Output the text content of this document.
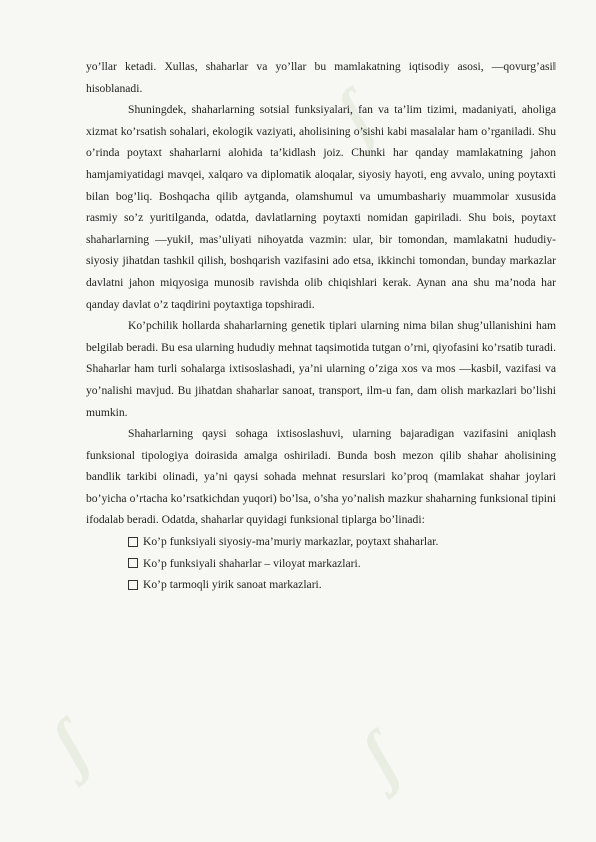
ʃ
ʃ
ʃ

yo’llar ketadi. Xullas, shaharlar va yo’llar bu mamlakatning iqtisodiy asosi, ―qovurg’asi‖ hisoblanadi.

Shuningdek, shaharlarning sotsial funksiyalari, fan va ta’lim tizimi, madaniyati, aholiga xizmat ko’rsatish sohalari, ekologik vaziyati, aholisining o’sishi kabi masalalar ham o’rganiladi. Shu o’rinda poytaxt shaharlarni alohida ta’kidlash joiz. Chunki har qanday mamlakatning jahon hamjamiyatidagi mavqei, xalqaro va diplomatik aloqalar, siyosiy hayoti, eng avvalo, uning poytaxti bilan bog’liq. Boshqacha qilib aytganda, olamshumul va umumbashariy muammolar xususida rasmiy so’z yuritilganda, odatda, davlatlarning poytaxti nomidan gapiriladi. Shu bois, poytaxt shaharlarning ―yuki‖, mas’uliyati nihoyatda vazmin: ular, bir tomondan, mamlakatni hududiy-siyosiy jihatdan tashkil qilish, boshqarish vazifasini ado etsa, ikkinchi tomondan, bunday markazlar davlatni jahon miqyosiga munosib ravishda olib chiqishlari kerak. Aynan ana shu ma’noda har qanday davlat o’z taqdirini poytaxtiga topshiradi.

Ko’pchilik hollarda shaharlarning genetik tiplari ularning nima bilan shug’ullanishini ham belgilab beradi. Bu esa ularning hududiy mehnat taqsimotida tutgan o’rni, qiyofasini ko’rsatib turadi. Shaharlar ham turli sohalarga ixtisoslashadi, ya’ni ularning o’ziga xos va mos ―kasbi‖, vazifasi va yo’nalishi mavjud. Bu jihatdan shaharlar sanoat, transport, ilm-u fan, dam olish markazlari bo’lishi mumkin.

Shaharlarning qaysi sohaga ixtisoslashuvi, ularning bajaradigan vazifasini aniqlash funksional tipologiya doirasida amalga oshiriladi. Bunda bosh mezon qilib shahar aholisining bandlik tarkibi olinadi, ya’ni qaysi sohada mehnat resurslari ko’proq (mamlakat shahar joylari bo’yicha o’rtacha ko’rsatkichdan yuqori) bo’lsa, o’sha yo’nalish mazkur shaharning funksional tipini ifodalab beradi. Odatda, shaharlar quyidagi funksional tiplarga bo’linadi:

Ko’p funksiyali siyosiy-ma’muriy markazlar, poytaxt shaharlar.
Ko’p funksiyali shaharlar – viloyat markazlari.
Ko’p tarmoqli yirik sanoat markazlari.
